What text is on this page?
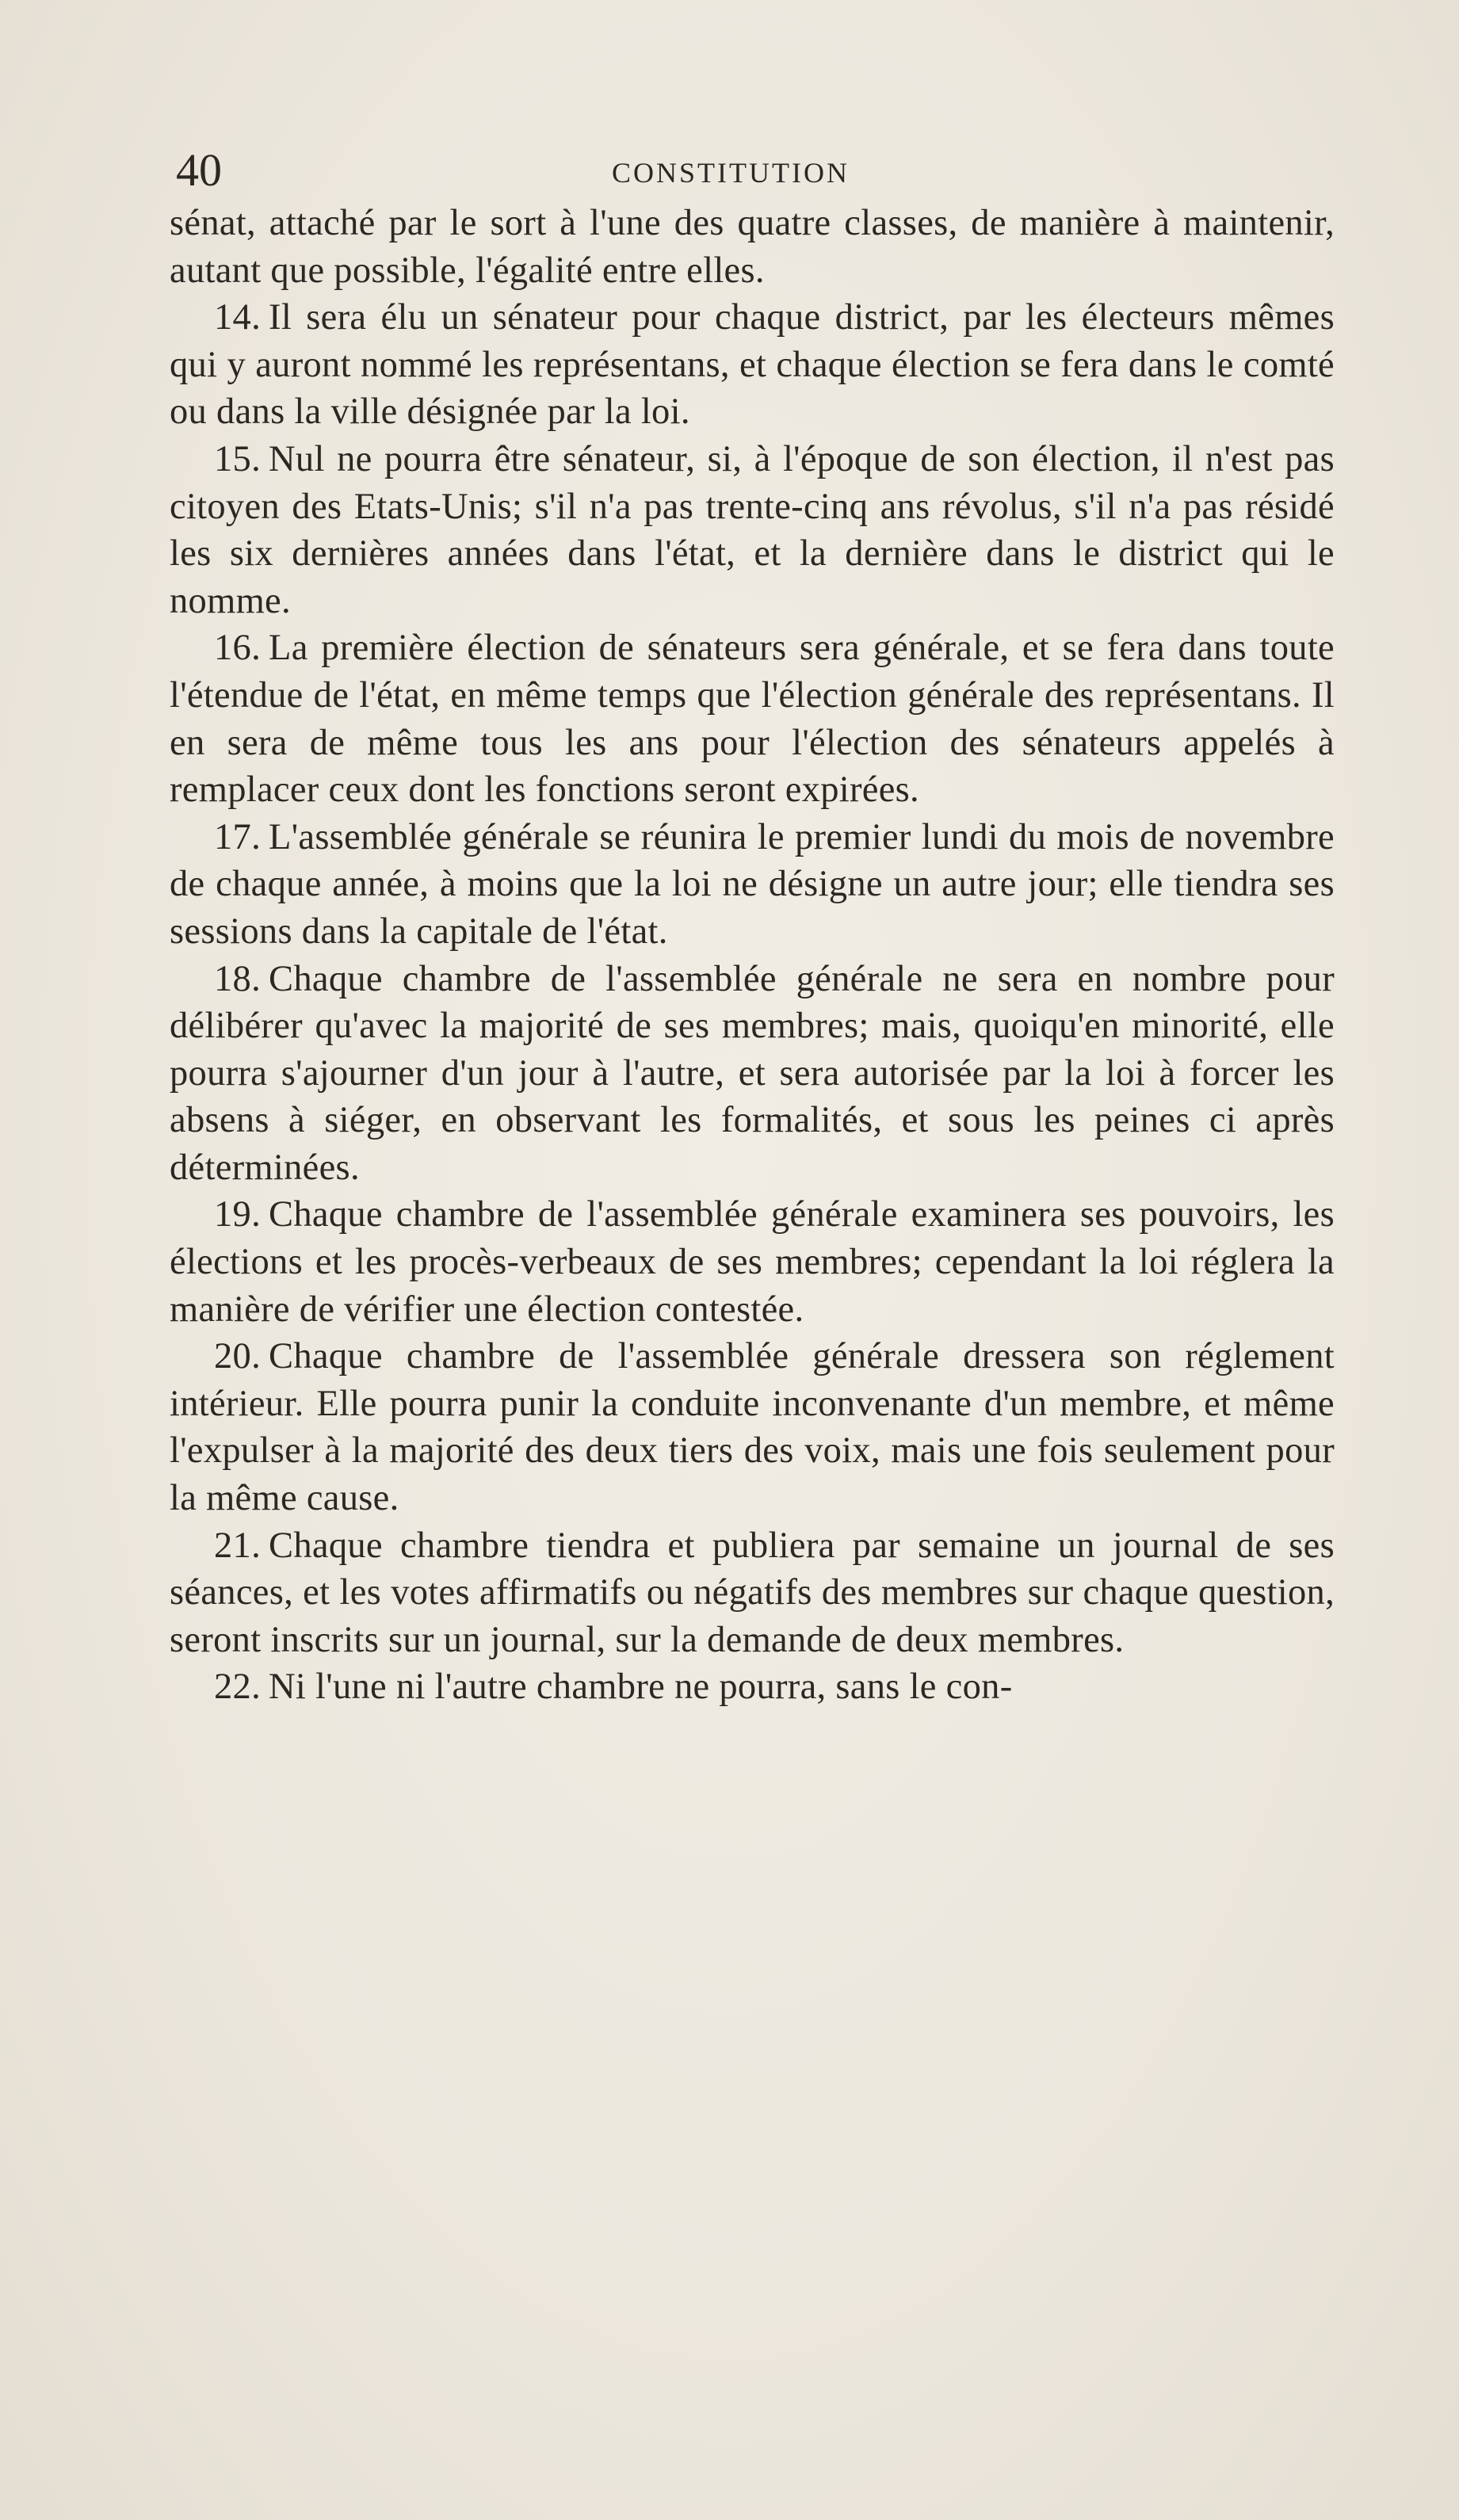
40	CONSTITUTION

sénat, attaché par le sort à l'une des quatre classes, de manière à maintenir, autant que possible, l'égalité entre elles.

14. Il sera élu un sénateur pour chaque district, par les électeurs mêmes qui y auront nommé les représentans, et chaque élection se fera dans le comté ou dans la ville désignée par la loi.

15. Nul ne pourra être sénateur, si, à l'époque de son élection, il n'est pas citoyen des Etats-Unis; s'il n'a pas trente-cinq ans révolus, s'il n'a pas résidé les six dernières années dans l'état, et la dernière dans le district qui le nomme.

16. La première élection de sénateurs sera générale, et se fera dans toute l'étendue de l'état, en même temps que l'élection générale des représentans. Il en sera de même tous les ans pour l'élection des sénateurs appelés à remplacer ceux dont les fonctions seront expirées.

17. L'assemblée générale se réunira le premier lundi du mois de novembre de chaque année, à moins que la loi ne désigne un autre jour; elle tiendra ses sessions dans la capitale de l'état.

18. Chaque chambre de l'assemblée générale ne sera en nombre pour délibérer qu'avec la majorité de ses membres; mais, quoiqu'en minorité, elle pourra s'ajourner d'un jour à l'autre, et sera autorisée par la loi à forcer les absens à siéger, en observant les formalités, et sous les peines ci après déterminées.

19. Chaque chambre de l'assemblée générale examinera ses pouvoirs, les élections et les procès-verbeaux de ses membres; cependant la loi réglera la manière de vérifier une élection contestée.

20. Chaque chambre de l'assemblée générale dressera son réglement intérieur. Elle pourra punir la conduite inconvenante d'un membre, et même l'expulser à la majorité des deux tiers des voix, mais une fois seulement pour la même cause.

21. Chaque chambre tiendra et publiera par semaine un journal de ses séances, et les votes affirmatifs ou négatifs des membres sur chaque question, seront inscrits sur un journal, sur la demande de deux membres.

22. Ni l'une ni l'autre chambre ne pourra, sans le con-
